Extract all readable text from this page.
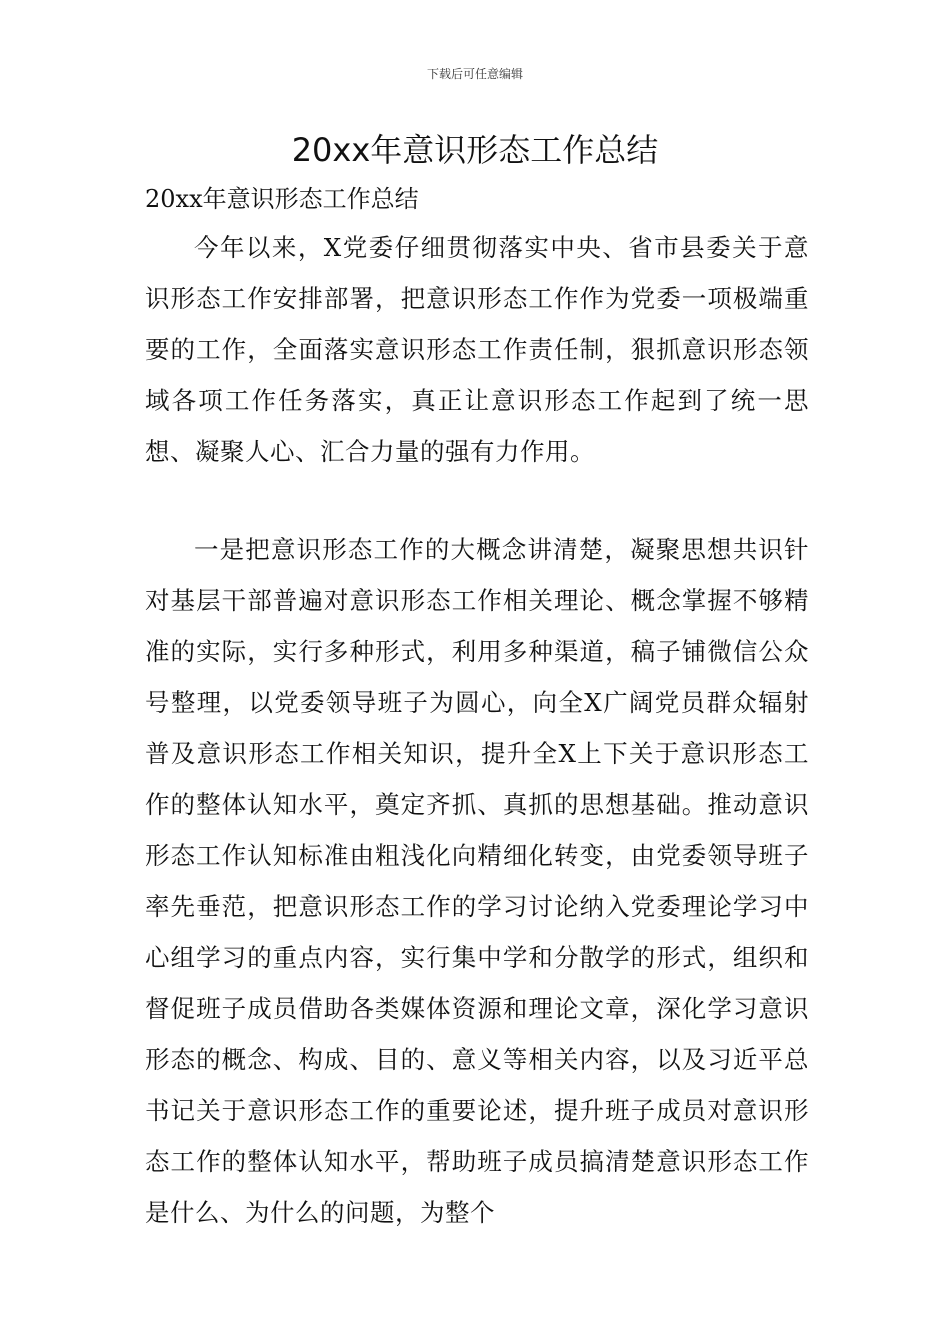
下载后可任意编辑
20xx年意识形态工作总结

20xx年意识形态工作总结

今年以来，X党委仔细贯彻落实中央、省市县委关于意识形态工作安排部署，把意识形态工作作为党委一项极端重要的工作，全面落实意识形态工作责任制，狠抓意识形态领域各项工作任务落实，真正让意识形态工作起到了统一思想、凝聚人心、汇合力量的强有力作用。

一是把意识形态工作的大概念讲清楚，凝聚思想共识针对基层干部普遍对意识形态工作相关理论、概念掌握不够精准的实际，实行多种形式，利用多种渠道，稿子铺微信公众号整理，以党委领导班子为圆心，向全X广阔党员群众辐射普及意识形态工作相关知识，提升全X上下关于意识形态工作的整体认知水平，奠定齐抓、真抓的思想基础。推动意识形态工作认知标准由粗浅化向精细化转变，由党委领导班子率先垂范，把意识形态工作的学习讨论纳入党委理论学习中心组学习的重点内容，实行集中学和分散学的形式，组织和督促班子成员借助各类媒体资源和理论文章，深化学习意识形态的概念、构成、目的、意义等相关内容，以及习近平总书记关于意识形态工作的重要论述，提升班子成员对意识形态工作的整体认知水平，帮助班子成员搞清楚意识形态工作是什么、为什么的问题，为整个
